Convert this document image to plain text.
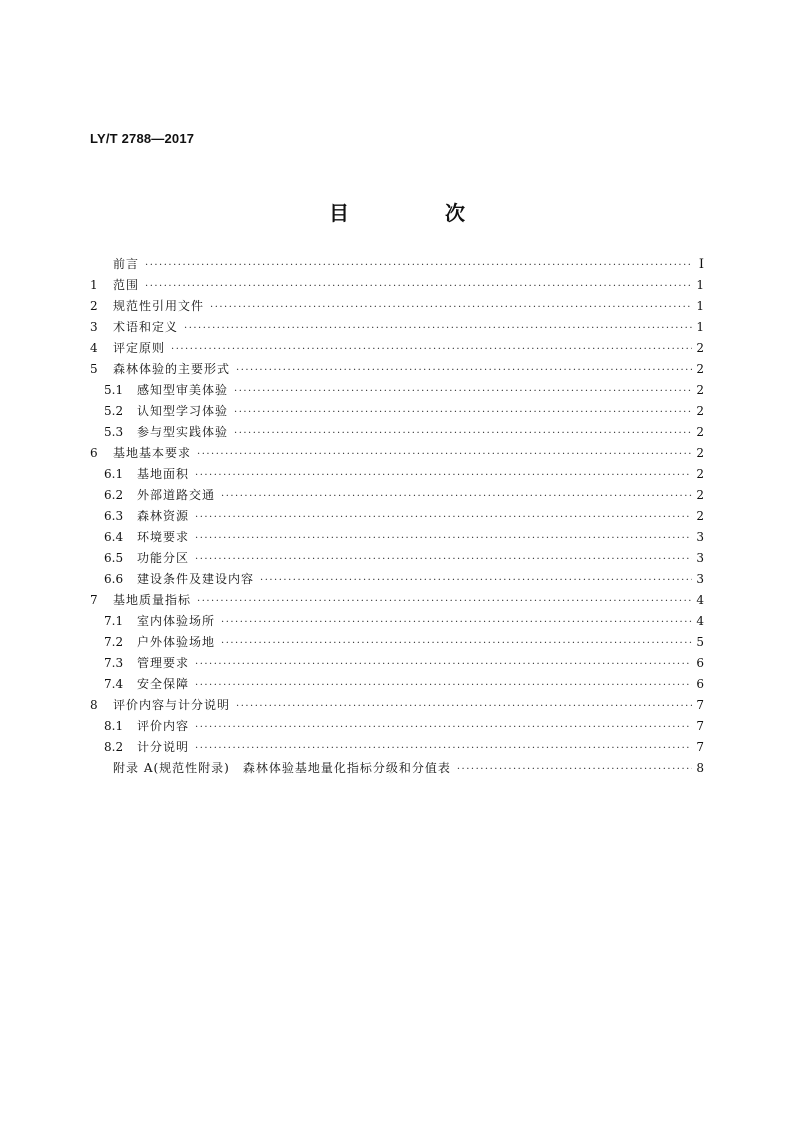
LY/T 2788—2017
目　次
前言 ·····	Ⅰ
1	范围 ·····	1
2	规范性引用文件 ·····	1
3	术语和定义 ·····	1
4	评定原则 ·····	2
5	森林体验的主要形式 ·····	2
5.1	感知型审美体验 ·····	2
5.2	认知型学习体验 ·····	2
5.3	参与型实践体验 ·····	2
6	基地基本要求 ·····	2
6.1	基地面积 ·····	2
6.2	外部道路交通 ·····	2
6.3	森林资源 ·····	2
6.4	环境要求 ·····	3
6.5	功能分区 ·····	3
6.6	建设条件及建设内容 ·····	3
7	基地质量指标 ·····	4
7.1	室内体验场所 ·····	4
7.2	户外体验场地 ·····	5
7.3	管理要求 ·····	6
7.4	安全保障 ·····	6
8	评价内容与计分说明 ·····	7
8.1	评价内容 ·····	7
8.2	计分说明 ·····	7
附录 A(规范性附录)　森林体验基地量化指标分级和分值表 ·····	8
